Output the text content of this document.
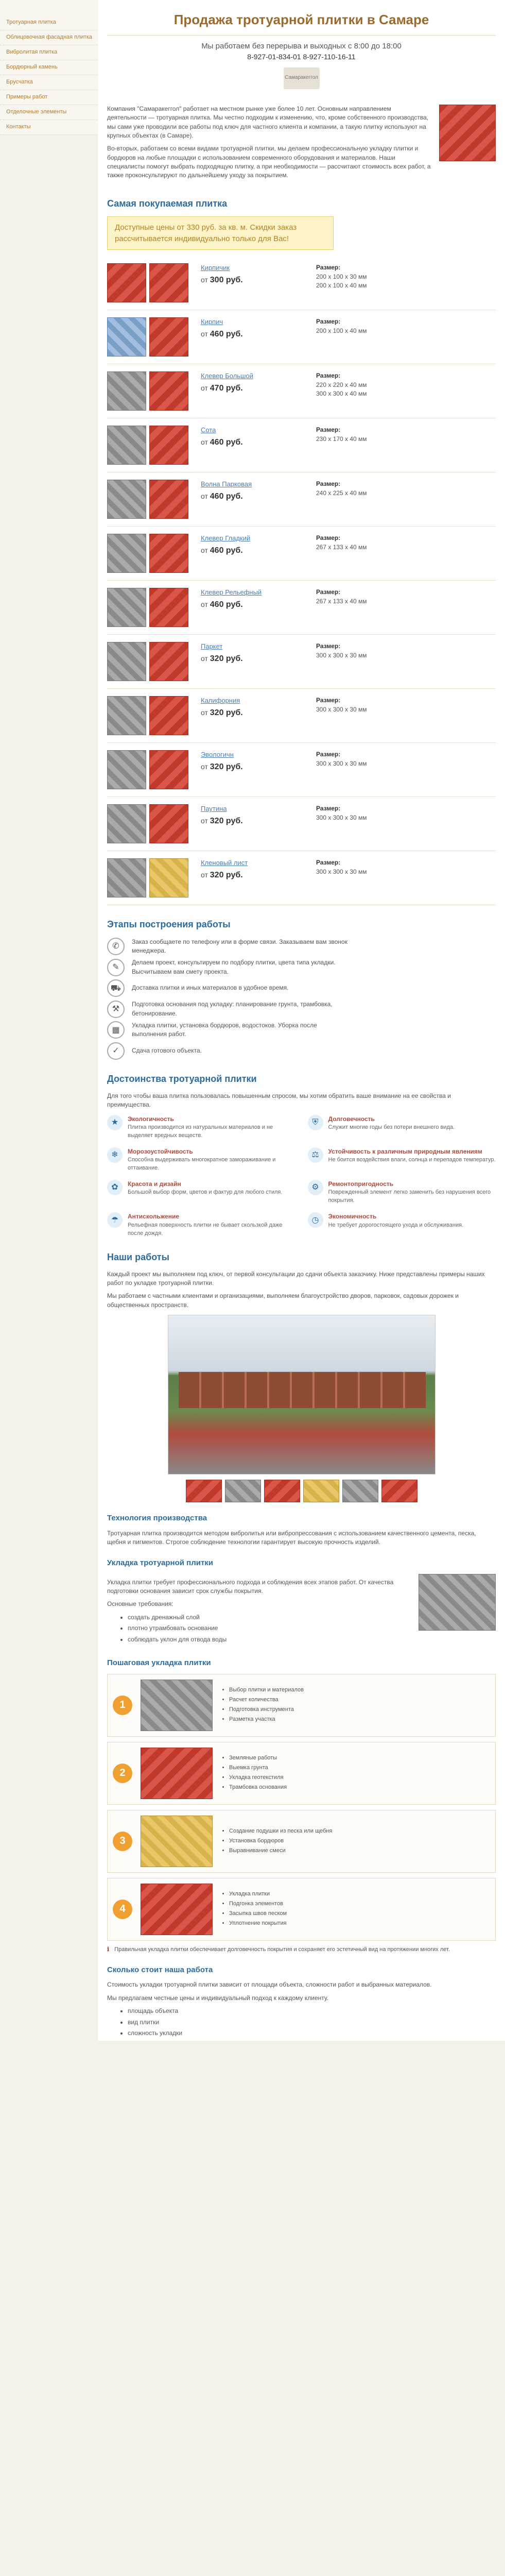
Тротуарная плитка
Облицовочная фасадная плитка
Вибролитая плитка
Бордюрный камень
Брусчатка
Примеры работ
Отделочные элементы
Контакты
Продажа тротуарной плитки в Самаре
Мы работаем без перерыва и выходных с 8:00 до 18:00
8-927-01-834-01 8-927-110-16-11
Самаракеггол

Компания "Самаракеггол" работает на местном рынке уже более 10 лет. Основным направлением деятельности — тротуарная плитка. Мы честно подходим к изменению, что, кроме собственного производства, мы сами уже проводили все работы под ключ для частного клиента и компании, а такую плитку используют на крупных объектах (в Самаре).

Во-вторых, работаем со всеми видами тротуарной плитки, мы делаем профессиональную укладку плитки и бордюров на любые площадки с использованием современного оборудования и материалов. Наши специалисты помогут выбрать подходящую плитку, а при необходимости — рассчитают стоимость всех работ, а также проконсультируют по дальнейшему уходу за покрытием.

Самая покупаемая плитка
Доступные цены от 330 руб. за кв. м. Скидки заказ рассчитывается индивидуально только для Вас!
Кирпичик
от 300 руб.
Размер:
200 x 100 x 30 мм
200 x 100 x 40 мм
Кирпич
от 460 руб.
Размер:
200 x 100 x 40 мм
Клевер Большой
от 470 руб.
Размер:
220 x 220 x 40 мм
300 x 300 x 40 мм
Сота
от 460 руб.
Размер:
230 x 170 x 40 мм
Волна Парковая
от 460 руб.
Размер:
240 x 225 x 40 мм
Клевер Гладкий
от 460 руб.
Размер:
267 x 133 x 40 мм
Клевер Рельефный
от 460 руб.
Размер:
267 x 133 x 40 мм
Паркет
от 320 руб.
Размер:
300 x 300 x 30 мм
Калифорния
от 320 руб.
Размер:
300 x 300 x 30 мм
Эвологичн
от 320 руб.
Размер:
300 x 300 x 30 мм
Паутина
от 320 руб.
Размер:
300 x 300 x 30 мм
Кленовый лист
от 320 руб.
Размер:
300 x 300 x 30 мм
Этапы построения работы
✆
Заказ сообщаете по телефону или в форме связи. Заказываем вам звонок менеджера.
✎
Делаем проект, консультируем по подбору плитки, цвета типа укладки. Высчитываем вам смету проекта.
⛟	Доставка плитки и иных материалов в удобное время.
⚒
Подготовка основания под укладку: планирование грунта, трамбовка, бетонирование.
▦
Укладка плитки, установка бордюров, водостоков. Уборка после выполнения работ.
✓	Сдача готового объекта.
Достоинства тротуарной плитки

Для того чтобы ваша плитка пользовалась повышенным спросом, мы хотим обратить ваше внимание на ее свойства и преимущества.

★	Экологичность
Плитка производится из натуральных материалов и не выделяет вредных веществ.
⛨	Долговечность
Служит многие годы без потери внешнего вида.
❄	Морозоустойчивость
Способна выдерживать многократное замораживание и оттаивание.
⚖	Устойчивость к различным природным явлениям
Не боится воздействия влаги, солнца и перепадов температур.
✿	Красота и дизайн
Большой выбор форм, цветов и фактур для любого стиля.
⚙	Ремонтопригодность
Поврежденный элемент легко заменить без нарушения всего покрытия.
☂	Антискольжение
Рельефная поверхность плитки не бывает скользкой даже после дождя.
◷	Экономичность
Не требует дорогостоящего ухода и обслуживания.
Наши работы

Каждый проект мы выполняем под ключ, от первой консультации до сдачи объекта заказчику. Ниже представлены примеры наших работ по укладке тротуарной плитки.

Мы работаем с частными клиентами и организациями, выполняем благоустройство дворов, парковок, садовых дорожек и общественных пространств.

Технология производства

Тротуарная плитка производится методом вибролитья или вибропрессования с использованием качественного цемента, песка, щебня и пигментов. Строгое соблюдение технологии гарантирует высокую прочность изделий.

Укладка тротуарной плитки

Укладка плитки требует профессионального подхода и соблюдения всех этапов работ. От качества подготовки основания зависит срок службы покрытия.

Основные требования:

• создать дренажный слой
• плотно утрамбовать основание
• соблюдать уклон для отвода воды
Пошаговая укладка плитки
1
• Выбор плитки и материалов
• Расчет количества
• Подготовка инструмента
• Разметка участка
2
• Земляные работы
• Выемка грунта
• Укладка геотекстиля
• Трамбовка основания
3
• Создание подушки из песка или щебня
• Установка бордюров
• Выравнивание смеси
4
• Укладка плитки
• Подгонка элементов
• Засыпка швов песком
• Уплотнение покрытия
ℹ Правильная укладка плитки обеспечивает долговечность покрытия и сохраняет его эстетичный вид на протяжении многих лет.
Сколько стоит наша работа

Стоимость укладки тротуарной плитки зависит от площади объекта, сложности работ и выбранных материалов.

Мы предлагаем честные цены и индивидуальный подход к каждому клиенту.

• площадь объекта
• вид плитки
• сложность укладки
